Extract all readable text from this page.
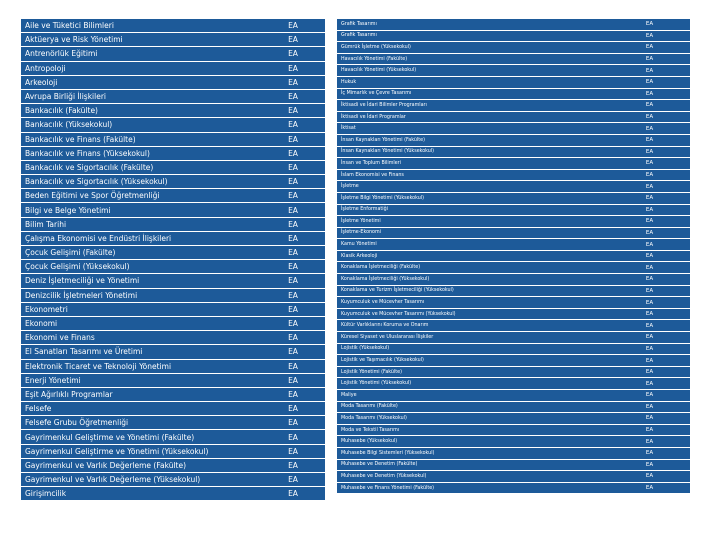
Aile ve Tüketici Bilimleri	EA
Aktüerya ve Risk Yönetimi	EA
Antrenörlük Eğitimi	EA
Antropoloji	EA
Arkeoloji	EA
Avrupa Birliği İlişkileri	EA
Bankacılık (Fakülte)	EA
Bankacılık (Yüksekokul)	EA
Bankacılık ve Finans (Fakülte)	EA
Bankacılık ve Finans (Yüksekokul)	EA
Bankacılık ve Sigortacılık (Fakülte)	EA
Bankacılık ve Sigortacılık (Yüksekokul)	EA
Beden Eğitimi ve Spor Öğretmenliği	EA
Bilgi ve Belge Yönetimi	EA
Bilim Tarihi	EA
Çalışma Ekonomisi ve Endüstri İlişkileri	EA
Çocuk Gelişimi (Fakülte)	EA
Çocuk Gelişimi (Yüksekokul)	EA
Deniz İşletmeciliği ve Yönetimi	EA
Denizcilik İşletmeleri Yönetimi	EA
Ekonometri	EA
Ekonomi	EA
Ekonomi ve Finans	EA
El Sanatları Tasarımı ve Üretimi	EA
Elektronik Ticaret ve Teknoloji Yönetimi	EA
Enerji Yönetimi	EA
Eşit Ağırlıklı Programlar	EA
Felsefe	EA
Felsefe Grubu Öğretmenliği	EA
Gayrimenkul Geliştirme ve Yönetimi (Fakülte)	EA
Gayrimenkul Geliştirme ve Yönetimi (Yüksekokul)	EA
Gayrimenkul ve Varlık Değerleme (Fakülte)	EA
Gayrimenkul ve Varlık Değerleme (Yüksekokul)	EA
Girişimcilik	EA
Grafik Tasarımı	EA
Grafik Tasarımı	EA
Gümrük İşletme (Yüksekokul)	EA
Havacılık Yönetimi (Fakülte)	EA
Havacılık Yönetimi (Yüksekokul)	EA
Hukuk	EA
İç Mimarlık ve Çevre Tasarımı	EA
İktisadi ve İdari Bilimler Programları	EA
İktisadi ve İdari Programlar	EA
İktisat	EA
İnsan Kaynakları Yönetimi (Fakülte)	EA
İnsan Kaynakları Yönetimi (Yüksekokul)	EA
İnsan ve Toplum Bilimleri	EA
İslam Ekonomisi ve Finans	EA
İşletme	EA
İşletme Bilgi Yönetimi (Yüksekokul)	EA
İşletme Enformatiği	EA
İşletme Yönetimi	EA
İşletme-Ekonomi	EA
Kamu Yönetimi	EA
Klasik Arkeoloji	EA
Konaklama İşletmeciliği (Fakülte)	EA
Konaklama İşletmeciliği (Yüksekokul)	EA
Konaklama ve Turizm İşletmeciliği (Yüksekokul)	EA
Kuyumculuk ve Mücevher Tasarımı	EA
Kuyumculuk ve Mücevher Tasarımı (Yüksekokul)	EA
Kültür Varlıklarını Koruma ve Onarım	EA
Küresel Siyaset ve Uluslararası İlişkiler	EA
Lojistik (Yüksekokul)	EA
Lojistik ve Taşımacılık (Yüksekokul)	EA
Lojistik Yönetimi (Fakülte)	EA
Lojistik Yönetimi (Yüksekokul)	EA
Maliye	EA
Moda Tasarımı (Fakülte)	EA
Moda Tasarımı (Yüksekokul)	EA
Moda ve Tekstil Tasarımı	EA
Muhasebe (Yüksekokul)	EA
Muhasebe Bilgi Sistemleri (Yüksekokul)	EA
Muhasebe ve Denetim (Fakülte)	EA
Muhasebe ve Denetim (Yüksekokul)	EA
Muhasebe ve Finans Yönetimi (Fakülte)	EA
